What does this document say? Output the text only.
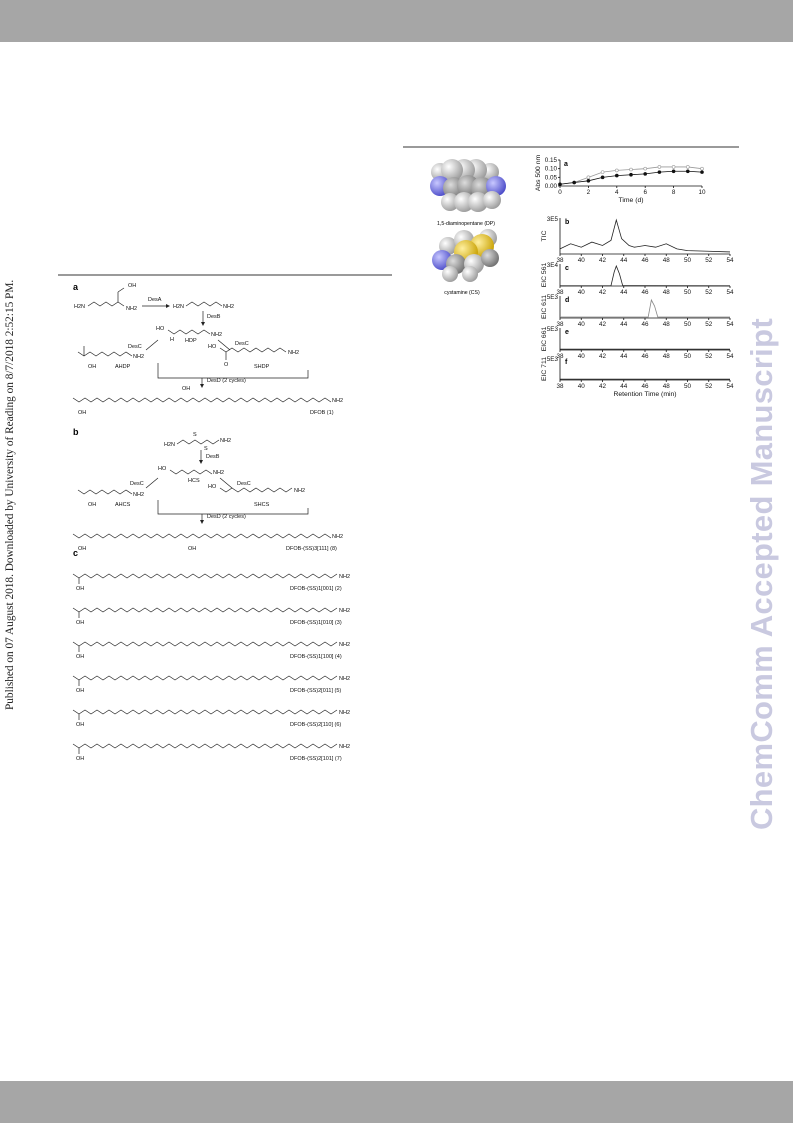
Published on 07 August 2018. Downloaded by University of Reading on 8/7/2018 2:52:15 PM.	ChemComm Accepted Manuscript
a
H2N
OH
NH2
DesA
H2N	NH2
DesB
HO
NH2
H HDP
DesC	DesC
NH2
OH	AHDP
HO
O
NH2
SHDP
DesD (2 cycles)
NH2
OH
OH
DFOB (1)
b
H2N
S
S
NH2
DesB
HO
NH2
HCS
DesC	DesC
NH2
OH	AHCS
HO
NH2
SHCS
DesD (2 cycles)
NH2
OH	OH	DFOB-(SS)3[111] (8)
c
OH
NH2
DFOB-(SS)1[001] (2)
OH
NH2
DFOB-(SS)1[010] (3)
OH
NH2
DFOB-(SS)1[100] (4)
OH
NH2
DFOB-(SS)2[011] (5)
OH
NH2
DFOB-(SS)2[110] (6)
OH
NH2
DFOB-(SS)2[101] (7)
1,5-diaminopentane (DP)
cystamine (CS)
a
0.15
0.10
0.05
0.00
0	2	4	6	8	10
Abs 500 nm
Time (d)
b
3E5
TIC
38 40 42 44 46 48 50 52 54
c
3E4
EIC 561
38 40 42 44 46 48 50 52 54
d
5E3
EIC 611
38 40 42 44 46 48 50 52 54
e
5E3
EIC 661
38 40 42 44 46 48 50 52 54
f
5E3
EIC 711
38 40 42 44 46 48 50 52 54
Retention Time (min)
